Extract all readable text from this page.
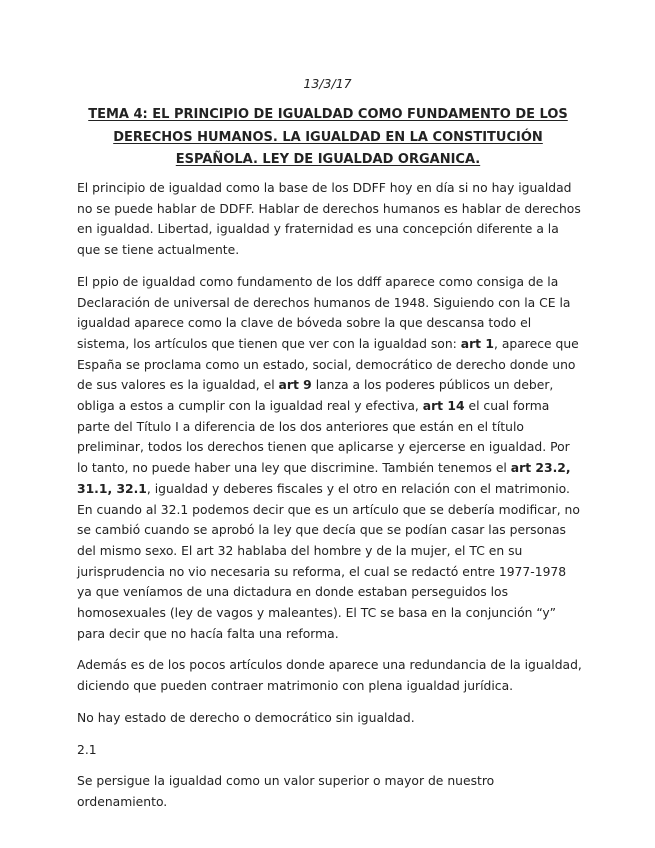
13/3/17
TEMA 4: EL PRINCIPIO DE IGUALDAD COMO FUNDAMENTO DE LOS DERECHOS HUMANOS. LA IGUALDAD EN LA CONSTITUCIÓN ESPAÑOLA. LEY DE IGUALDAD ORGANICA.

El principio de igualdad como la base de los DDFF hoy en día si no hay igualdad no se puede hablar de DDFF. Hablar de derechos humanos es hablar de derechos en igualdad. Libertad, igualdad y fraternidad es una concepción diferente a la que se tiene actualmente.

El ppio de igualdad como fundamento de los ddff aparece como consiga de la Declaración de universal de derechos humanos de 1948. Siguiendo con la CE la igualdad aparece como la clave de bóveda sobre la que descansa todo el sistema, los artículos que tienen que ver con la igualdad son: art 1, aparece que España se proclama como un estado, social, democrático de derecho donde uno de sus valores es la igualdad, el art 9 lanza a los poderes públicos un deber, obliga a estos a cumplir con la igualdad real y efectiva, art 14 el cual forma parte del Título I a diferencia de los dos anteriores que están en el título preliminar, todos los derechos tienen que aplicarse y ejercerse en igualdad. Por lo tanto, no puede haber una ley que discrimine. También tenemos el art 23.2, 31.1, 32.1, igualdad y deberes fiscales y el otro en relación con el matrimonio. En cuando al 32.1 podemos decir que es un artículo que se debería modificar, no se cambió cuando se aprobó la ley que decía que se podían casar las personas del mismo sexo. El art 32 hablaba del hombre y de la mujer, el TC en su jurisprudencia no vio necesaria su reforma, el cual se redactó entre 1977-1978 ya que veníamos de una dictadura en donde estaban perseguidos los homosexuales (ley de vagos y maleantes). El TC se basa en la conjunción “y” para decir que no hacía falta una reforma.

Además es de los pocos artículos donde aparece una redundancia de la igualdad, diciendo que pueden contraer matrimonio con plena igualdad jurídica.

No hay estado de derecho o democrático sin igualdad.

2.1

Se persigue la igualdad como un valor superior o mayor de nuestro ordenamiento.
